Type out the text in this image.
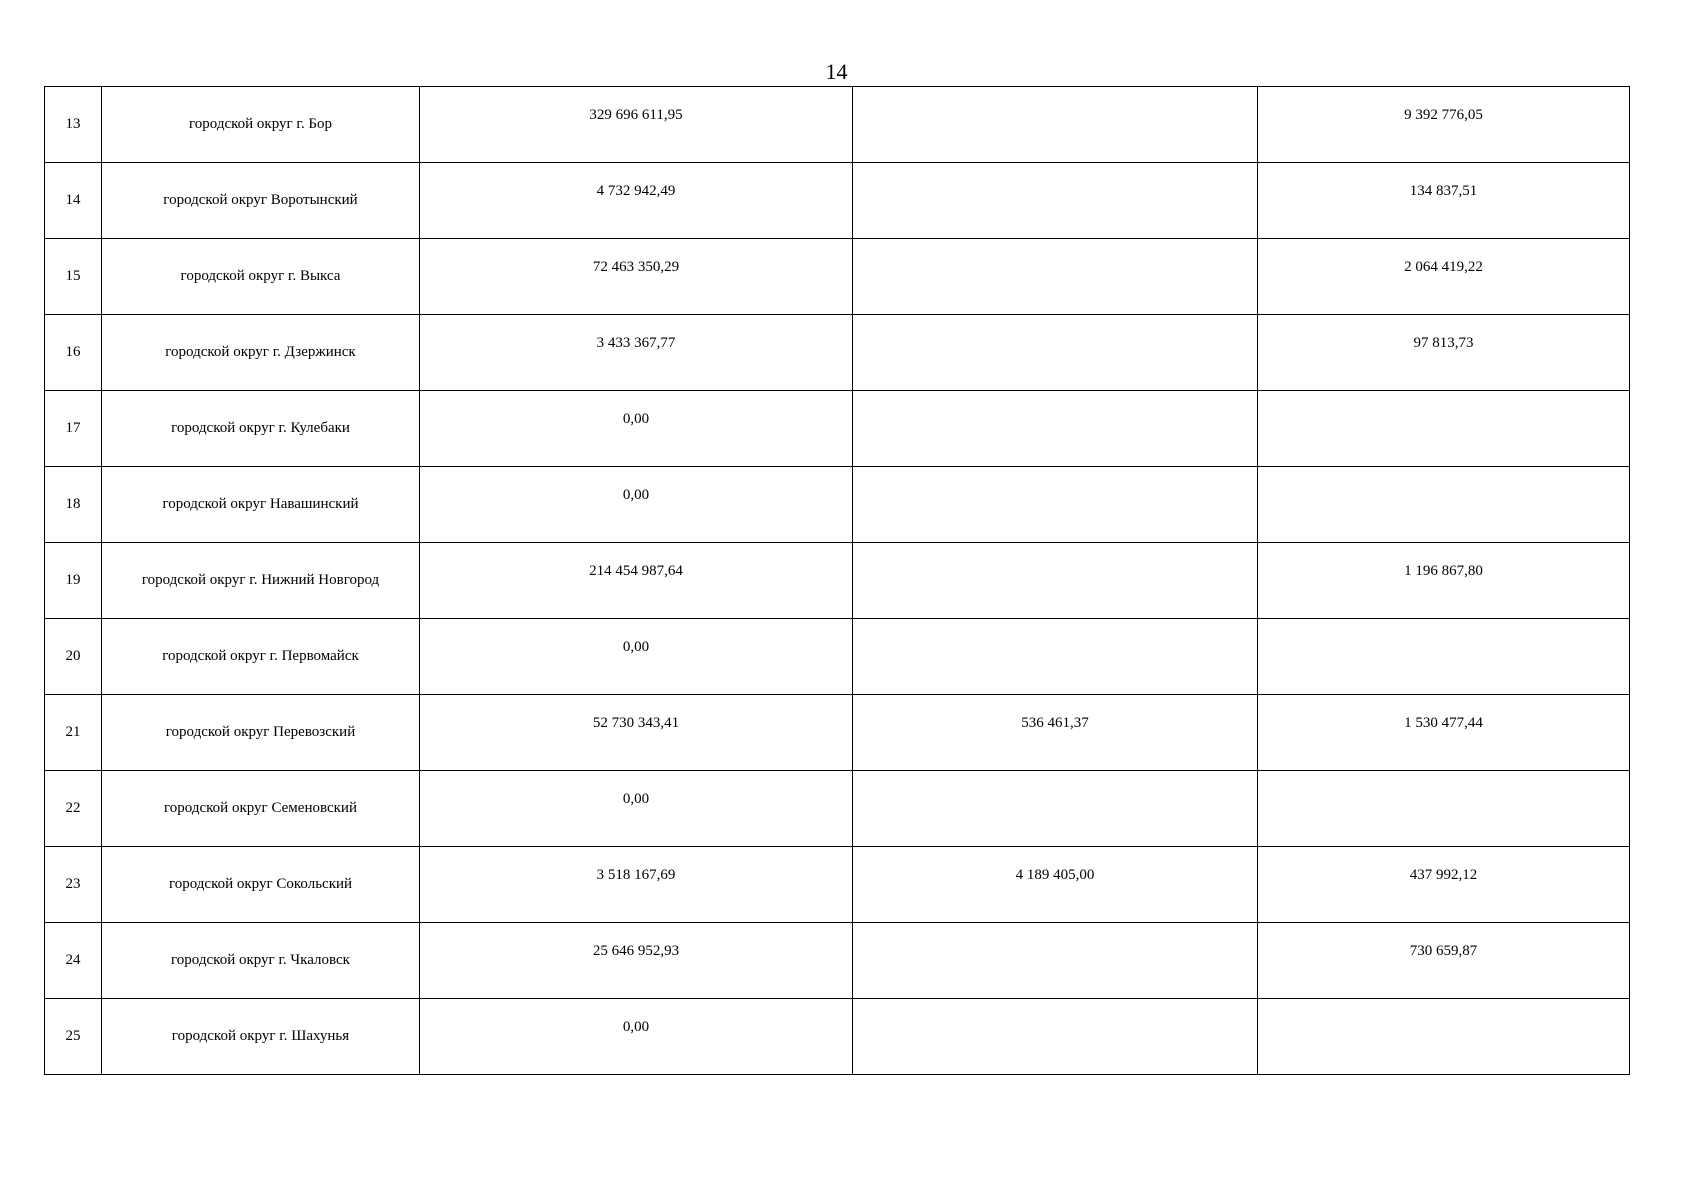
14
13	городской округ г. Бор	329 696 611,95		9 392 776,05
14	городской округ Воротынский	4 732 942,49		134 837,51
15	городской округ г. Выкса	72 463 350,29		2 064 419,22
16	городской округ г. Дзержинск	3 433 367,77		97 813,73
17	городской округ г. Кулебаки	0,00		
18	городской округ Навашинский	0,00		
19	городской округ г. Нижний Новгород	214 454 987,64		1 196 867,80
20	городской округ г. Первомайск	0,00		
21	городской округ Перевозский	52 730 343,41	536 461,37	1 530 477,44
22	городской округ Семеновский	0,00		
23	городской округ Сокольский	3 518 167,69	4 189 405,00	437 992,12
24	городской округ г. Чкаловск	25 646 952,93		730 659,87
25	городской округ г. Шахунья	0,00		
